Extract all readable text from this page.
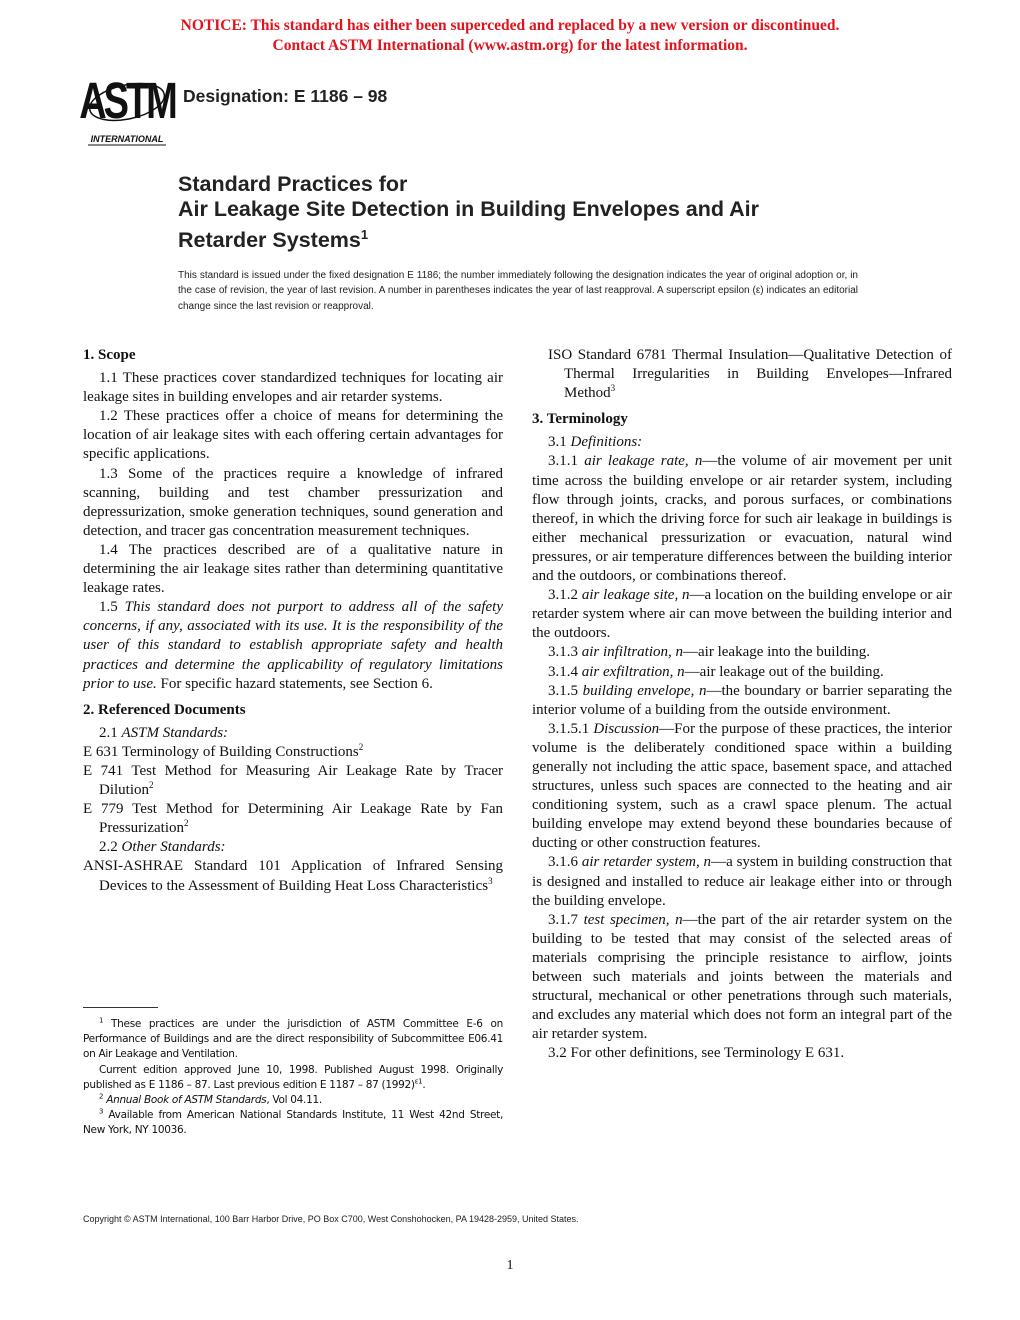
NOTICE: This standard has either been superceded and replaced by a new version or discontinued.
Contact ASTM International (www.astm.org) for the latest information.
ASTM
INTERNATIONAL
Designation: E 1186 – 98
Standard Practices for
Air Leakage Site Detection in Building Envelopes and Air
Retarder Systems$^1$
This standard is issued under the fixed designation E 1186; the number immediately following the designation indicates the year of original adoption or, in the case of revision, the year of last revision. A number in parentheses indicates the year of last reapproval. A superscript epsilon (ε) indicates an editorial change since the last revision or reapproval.
1. Scope

1.1 These practices cover standardized techniques for locating air leakage sites in building envelopes and air retarder systems.

1.2 These practices offer a choice of means for determining the location of air leakage sites with each offering certain advantages for specific applications.

1.3 Some of the practices require a knowledge of infrared scanning, building and test chamber pressurization and depressurization, smoke generation techniques, sound generation and detection, and tracer gas concentration measurement techniques.

1.4 The practices described are of a qualitative nature in determining the air leakage sites rather than determining quantitative leakage rates.

1.5 This standard does not purport to address all of the safety concerns, if any, associated with its use. It is the responsibility of the user of this standard to establish appropriate safety and health practices and determine the applicability of regulatory limitations prior to use. For specific hazard statements, see Section 6.

2. Referenced Documents

2.1 ASTM Standards:

E 631 Terminology of Building Constructions$^2$

E 741 Test Method for Measuring Air Leakage Rate by Tracer Dilution$^2$

E 779 Test Method for Determining Air Leakage Rate by Fan Pressurization$^2$

2.2 Other Standards:

ANSI-ASHRAE Standard 101 Application of Infrared Sensing Devices to the Assessment of Building Heat Loss Characteristics$^3$

ISO Standard 6781 Thermal Insulation—Qualitative Detection of Thermal Irregularities in Building Envelopes—Infrared Method$^3$

3. Terminology

3.1 Definitions:

3.1.1 air leakage rate, n—the volume of air movement per unit time across the building envelope or air retarder system, including flow through joints, cracks, and porous surfaces, or combinations thereof, in which the driving force for such air leakage in buildings is either mechanical pressurization or evacuation, natural wind pressures, or air temperature differences between the building interior and the outdoors, or combinations thereof.

3.1.2 air leakage site, n—a location on the building envelope or air retarder system where air can move between the building interior and the outdoors.

3.1.3 air infiltration, n—air leakage into the building.

3.1.4 air exfiltration, n—air leakage out of the building.

3.1.5 building envelope, n—the boundary or barrier separating the interior volume of a building from the outside environment.

3.1.5.1 Discussion—For the purpose of these practices, the interior volume is the deliberately conditioned space within a building generally not including the attic space, basement space, and attached structures, unless such spaces are connected to the heating and air conditioning system, such as a crawl space plenum. The actual building envelope may extend beyond these boundaries because of ducting or other construction features.

3.1.6 air retarder system, n—a system in building construction that is designed and installed to reduce air leakage either into or through the building envelope.

3.1.7 test specimen, n—the part of the air retarder system on the building to be tested that may consist of the selected areas of materials comprising the principle resistance to airflow, joints between such materials and joints between the materials and structural, mechanical or other penetrations through such materials, and excludes any material which does not form an integral part of the air retarder system.

3.2 For other definitions, see Terminology E 631.

$^1$ These practices are under the jurisdiction of ASTM Committee E-6 on Performance of Buildings and are the direct responsibility of Subcommittee E06.41 on Air Leakage and Ventilation.

Current edition approved June 10, 1998. Published August 1998. Originally published as E 1186 – 87. Last previous edition E 1187 – 87 $(1992)^{\varepsilon 1}$.

$^2$ Annual Book of ASTM Standards, Vol 04.11.

$^3$ Available from American National Standards Institute, 11 West 42nd Street, New York, NY 10036.

Copyright © ASTM International, 100 Barr Harbor Drive, PO Box C700, West Conshohocken, PA 19428-2959, United States.
1
